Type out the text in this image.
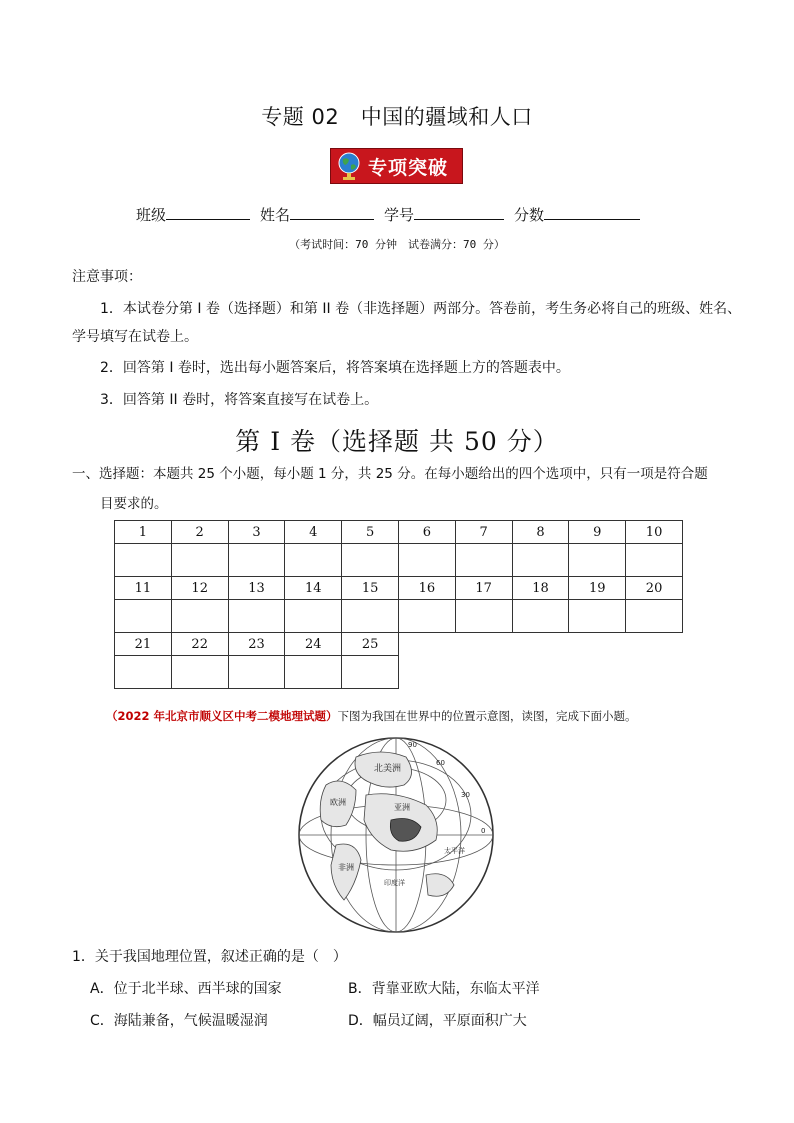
专题 02　中国的疆域和人口
专项突破
班级	姓名	学号	分数
（考试时间：70 分钟　试卷满分：70 分）
注意事项：
1．本试卷分第 I 卷（选择题）和第 II 卷（非选择题）两部分。答卷前，考生务必将自己的班级、姓名、
学号填写在试卷上。
2．回答第 I 卷时，选出每小题答案后，将答案填在选择题上方的答题表中。
3．回答第 II 卷时，将答案直接写在试卷上。
第 I 卷（选择题 共 50 分）
一、选择题：本题共 25 个小题，每小题 1 分，共 25 分。在每小题给出的四个选项中，只有一项是符合题
目要求的。
1	2	3	4	5	6	7	8	9	10

11	12	13	14	15	16	17	18	19	20

21	22	23	24	25					

（2022 年北京市顺义区中考二模地理试题）下图为我国在世界中的位置示意图，读图，完成下面小题。
北美洲
亚洲
非洲
欧洲
90
60
30
0
太平洋
印度洋
1．关于我国地理位置，叙述正确的是（　）
A．位于北半球、西半球的国家	B．背靠亚欧大陆，东临太平洋
C．海陆兼备，气候温暖湿润	D．幅员辽阔，平原面积广大
